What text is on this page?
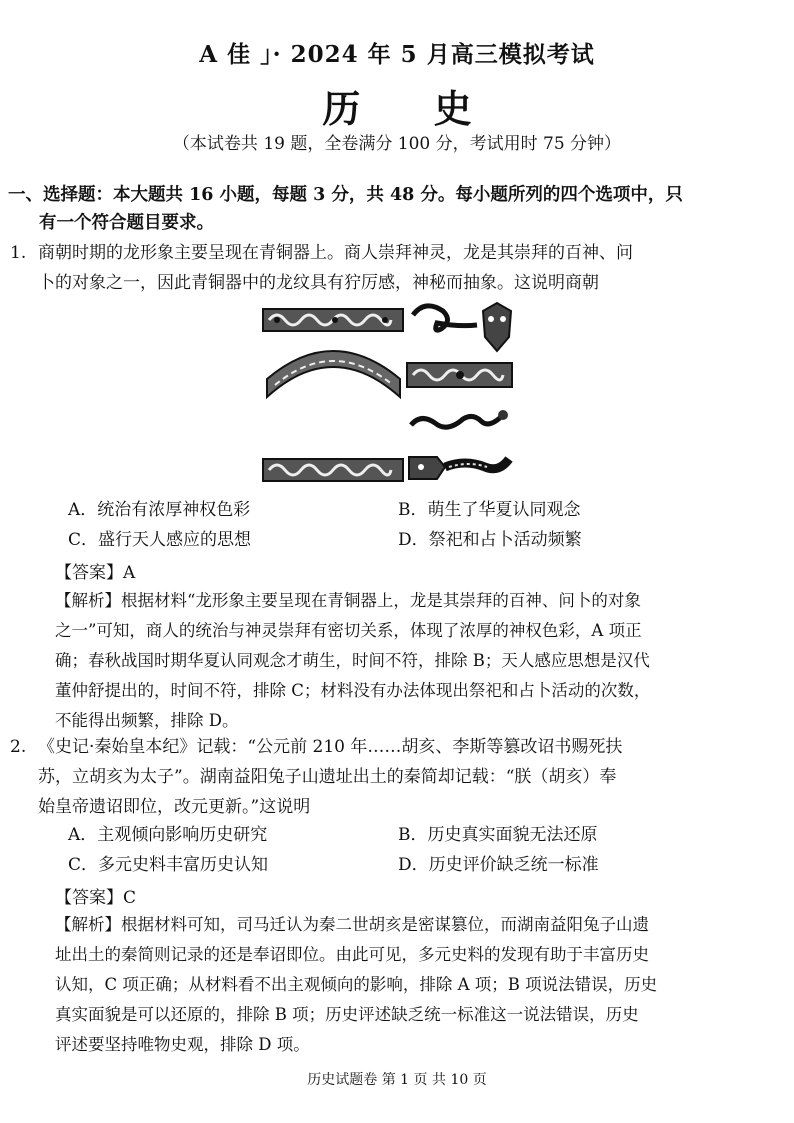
A 佳 」· 2024 年 5 月高三模拟考试
历 史
（本试卷共 19 题，全卷满分 100 分，考试用时 75 分钟）
一、选择题：本大题共 16 小题，每题 3 分，共 48 分。每小题所列的四个选项中，只
有一个符合题目要求。
1. 商朝时期的龙形象主要呈现在青铜器上。商人崇拜神灵，龙是其崇拜的百神、问
卜的对象之一，因此青铜器中的龙纹具有狞厉感，神秘而抽象。这说明商朝
A．统治有浓厚神权色彩	B．萌生了华夏认同观念
C．盛行天人感应的思想	D．祭祀和占卜活动频繁
【答案】A
【解析】根据材料“龙形象主要呈现在青铜器上，龙是其崇拜的百神、问卜的对象
之一”可知，商人的统治与神灵崇拜有密切关系，体现了浓厚的神权色彩，A 项正
确；春秋战国时期华夏认同观念才萌生，时间不符，排除 B；天人感应思想是汉代
董仲舒提出的，时间不符，排除 C；材料没有办法体现出祭祀和占卜活动的次数，
不能得出频繁，排除 D。
2. 《史记·秦始皇本纪》记载：“公元前 210 年……胡亥、李斯等篡改诏书赐死扶
苏，立胡亥为太子”。湖南益阳兔子山遗址出土的秦简却记载：“朕（胡亥）奉
始皇帝遗诏即位，改元更新。”这说明
A．主观倾向影响历史研究	B．历史真实面貌无法还原
C．多元史料丰富历史认知	D．历史评价缺乏统一标准
【答案】C
【解析】根据材料可知，司马迁认为秦二世胡亥是密谋篡位，而湖南益阳兔子山遗
址出土的秦简则记录的还是奉诏即位。由此可见，多元史料的发现有助于丰富历史
认知，C 项正确；从材料看不出主观倾向的影响，排除 A 项；B 项说法错误，历史
真实面貌是可以还原的，排除 B 项；历史评述缺乏统一标准这一说法错误，历史
评述要坚持唯物史观，排除 D 项。
历史试题卷 第 1 页 共 10 页
